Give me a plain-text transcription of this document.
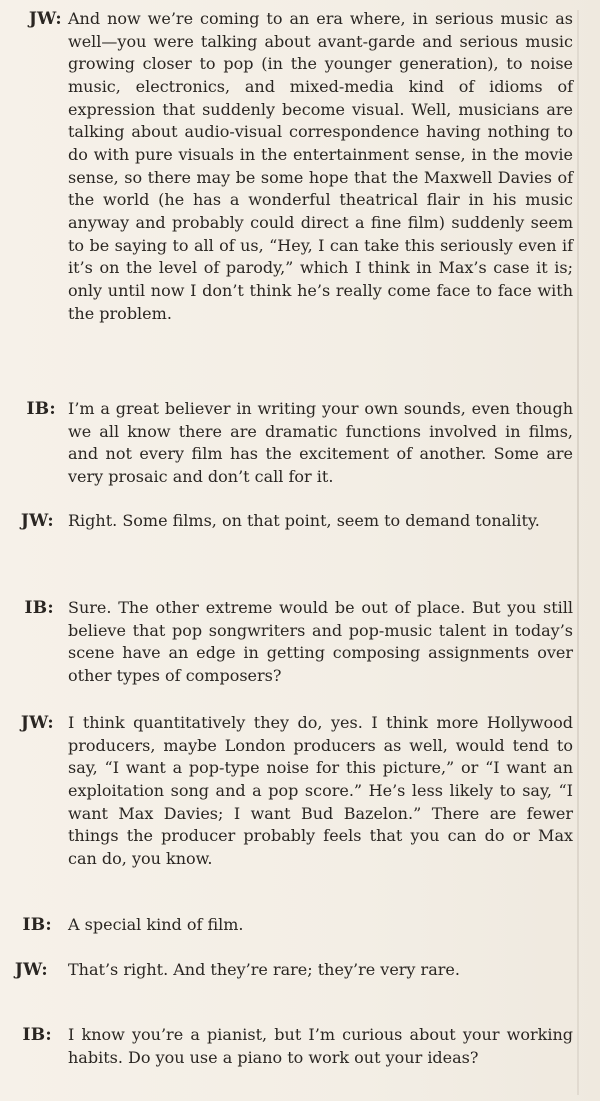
JW: And now we’re coming to an era where, in serious music as well—you were talking about avant-garde and serious music growing closer to pop (in the younger generation), to noise music, electronics, and mixed-media kind of idioms of expression that suddenly become visual. Well, musicians are talking about audio-visual correspondence having nothing to do with pure visuals in the entertainment sense, in the movie sense, so there may be some hope that the Maxwell Davies of the world (he has a wonderful theatrical flair in his music anyway and probably could direct a fine film) suddenly seem to be saying to all of us, “Hey, I can take this seriously even if it’s on the level of parody,” which I think in Max’s case it is; only until now I don’t think he’s really come face to face with the problem.
IB: I’m a great believer in writing your own sounds, even though we all know there are dramatic functions involved in films, and not every film has the excitement of another. Some are very prosaic and don’t call for it.
JW: Right. Some films, on that point, seem to demand tonality.
IB: Sure. The other extreme would be out of place. But you still believe that pop songwriters and pop-music talent in today’s scene have an edge in getting composing assignments over other types of composers?
JW: I think quantitatively they do, yes. I think more Hollywood producers, maybe London producers as well, would tend to say, “I want a pop-type noise for this picture,” or “I want an exploitation song and a pop score.” He’s less likely to say, “I want Max Davies; I want Bud Bazelon.” There are fewer things the producer probably feels that you can do or Max can do, you know.
IB: A special kind of film.
JW: That’s right. And they’re rare; they’re very rare.
IB: I know you’re a pianist, but I’m curious about your working habits. Do you use a piano to work out your ideas?
